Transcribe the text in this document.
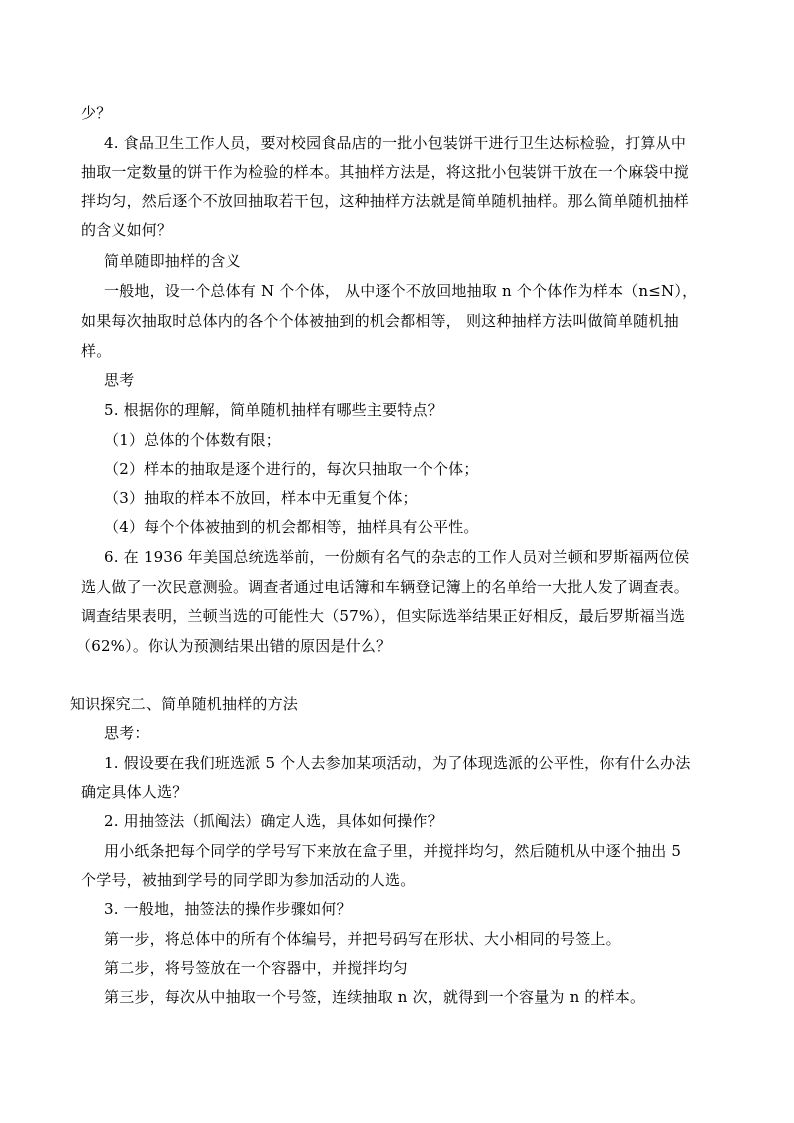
少？
4. 食品卫生工作人员，要对校园食品店的一批小包装饼干进行卫生达标检验，打算从中
抽取一定数量的饼干作为检验的样本。其抽样方法是，将这批小包装饼干放在一个麻袋中搅
拌均匀，然后逐个不放回抽取若干包，这种抽样方法就是简单随机抽样。那么简单随机抽样
的含义如何？
简单随即抽样的含义
一般地，设一个总体有 N 个个体， 从中逐个不放回地抽取 n 个个体作为样本（n≤N），
如果每次抽取时总体内的各个个体被抽到的机会都相等， 则这种抽样方法叫做简单随机抽
样。
思考
5. 根据你的理解，简单随机抽样有哪些主要特点？
（1）总体的个体数有限；
（2）样本的抽取是逐个进行的，每次只抽取一个个体；
（3）抽取的样本不放回，样本中无重复个体；
（4）每个个体被抽到的机会都相等，抽样具有公平性。
6. 在 1936 年美国总统选举前，一份颇有名气的杂志的工作人员对兰顿和罗斯福两位侯
选人做了一次民意测验。调查者通过电话簿和车辆登记簿上的名单给一大批人发了调查表。
调查结果表明，兰顿当选的可能性大（57%），但实际选举结果正好相反，最后罗斯福当选
（62%）。你认为预测结果出错的原因是什么？
知识探究二、简单随机抽样的方法
思考：
1. 假设要在我们班选派 5 个人去参加某项活动，为了体现选派的公平性，你有什么办法
确定具体人选？
2. 用抽签法（抓阄法）确定人选，具体如何操作？
用小纸条把每个同学的学号写下来放在盒子里，并搅拌均匀，然后随机从中逐个抽出 5
个学号，被抽到学号的同学即为参加活动的人选。
3. 一般地，抽签法的操作步骤如何？
第一步，将总体中的所有个体编号，并把号码写在形状、大小相同的号签上。
第二步，将号签放在一个容器中，并搅拌均匀
第三步，每次从中抽取一个号签，连续抽取 n 次，就得到一个容量为 n 的样本。
